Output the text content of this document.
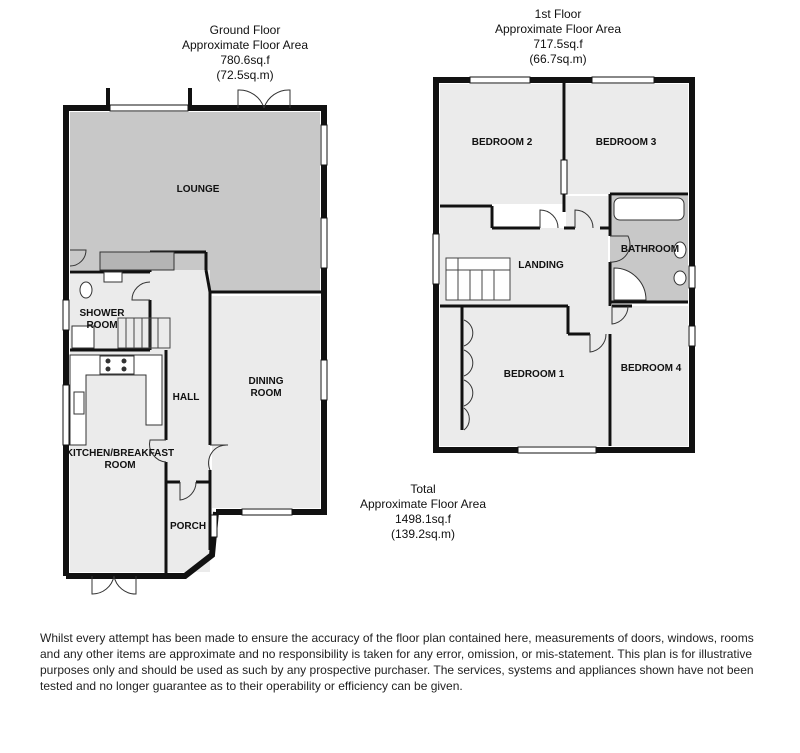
Ground Floor
Approximate Floor Area
780.6sq.f
(72.5sq.m)
1st Floor
Approximate Floor Area
717.5sq.f
(66.7sq.m)
Total
Approximate Floor Area
1498.1sq.f
(139.2sq.m)
LOUNGE
SHOWER
ROOM
HALL
DINING
ROOM
KITCHEN/BREAKFAST
ROOM
PORCH
BEDROOM 2	BEDROOM 3
BATHROOM
LANDING
BEDROOM 1
BEDROOM 4
Whilst every attempt has been made to ensure the accuracy of the floor plan contained here, measurements of doors, windows, rooms and any other items are approximate and no responsibility is taken for any error, omission, or mis-statement. This plan is for illustrative purposes only and should be used as such by any prospective purchaser. The services, systems and appliances shown have not been tested and no longer guarantee as to their operability or efficiency can be given.
